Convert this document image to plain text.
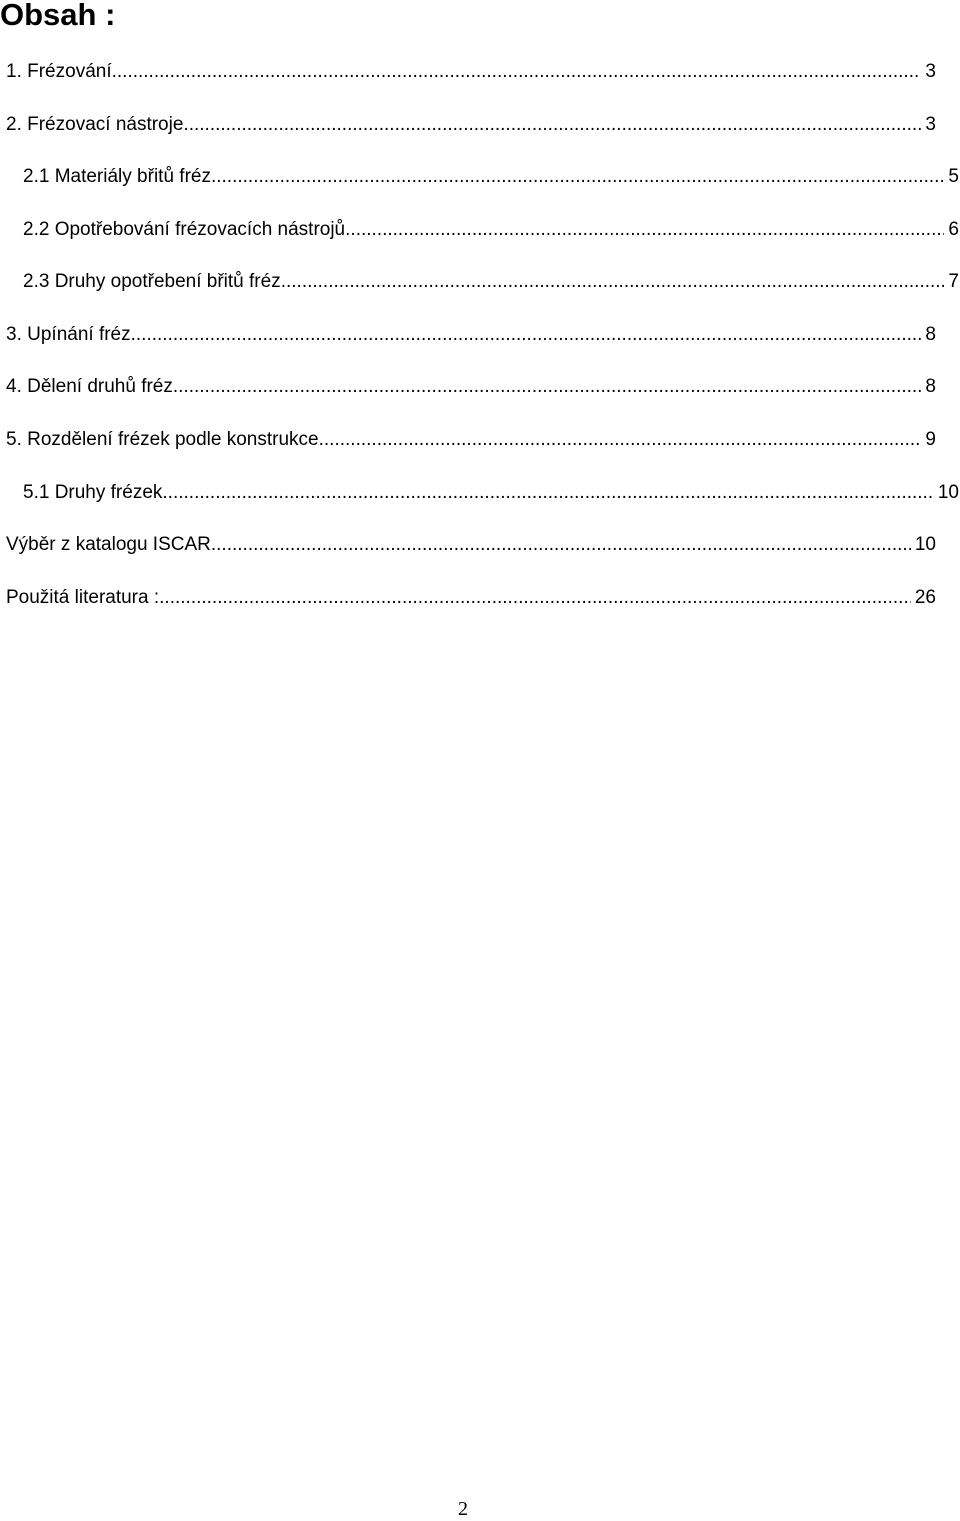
Obsah :
1. Frézování .....	3
2. Frézovací nástroje .....	3
2.1 Materiály břitů fréz .....	5
2.2 Opotřebování frézovacích nástrojů .....	6
2.3 Druhy opotřebení břitů fréz .....	7
3. Upínání fréz .....	8
4. Dělení druhů fréz .....	8
5. Rozdělení frézek podle konstrukce .....	9
5.1 Druhy frézek .....	10
Výběr z katalogu ISCAR .....	10
Použitá literatura : .....	26
2
